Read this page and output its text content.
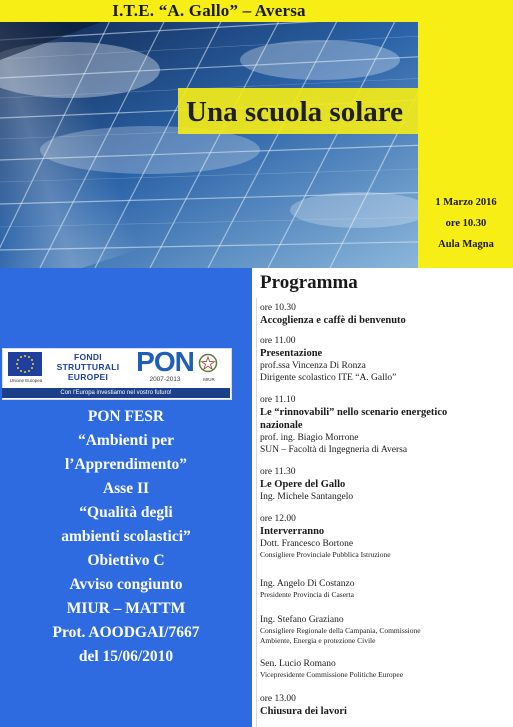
I.T.E. “A. Gallo” – Aversa
Una scuola solare
1 Marzo 2016
ore 10.30
Aula Magna
Unione Europea
FONDI
STRUTTURALI
EUROPEI PON
2007-2013	MIUR
Con l'Europa investiamo nel vostro futuro!
PON FESR
“Ambienti per
l’Apprendimento”
Asse II
“Qualità degli
ambienti scolastici”
Obiettivo C
Avviso congiunto
MIUR – MATTM
Prot. AOODGAI/7667
del 15/06/2010
Programma
ore 10.30
Accoglienza e caffè di benvenuto
ore 11.00
Presentazione
prof.ssa Vincenza Di Ronza
Dirigente scolastico ITE “A. Gallo”
ore 11.10
Le “rinnovabili” nello scenario energetico nazionale
prof. ing. Biagio Morrone
SUN – Facoltà di Ingegneria di Aversa
ore 11.30
Le Opere del Gallo
Ing. Michele Santangelo
ore 12.00
Interverranno
Dott. Francesco Bortone
Consigliere Provinciale Pubblica Istruzione
Ing. Angelo Di Costanzo
Presidente Provincia di Caserta
Ing. Stefano Graziano
Consigliere Regionale della Campania, Commissione
Ambiente, Energia e protezione Civile
Sen. Lucio Romano
Vicepresidente Commissione Politiche Europee
ore 13.00
Chiusura dei lavori
